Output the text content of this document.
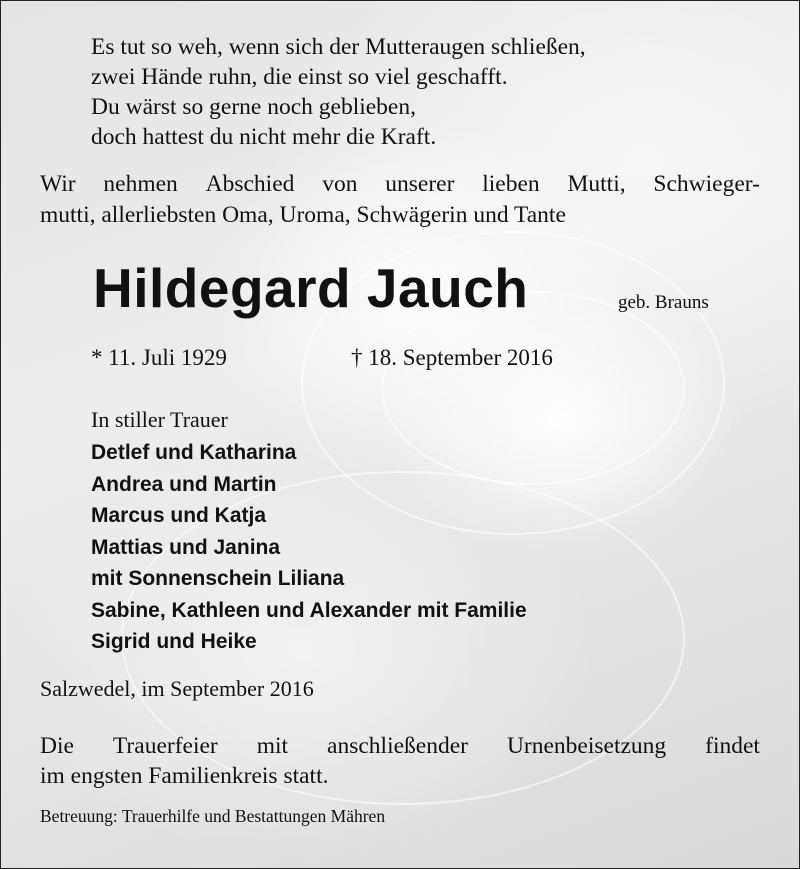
Es tut so weh, wenn sich der Mutteraugen schließen,

zwei Hände ruhn, die einst so viel geschafft.

Du wärst so gerne noch geblieben,

doch hattest du nicht mehr die Kraft.

Wir nehmen Abschied von unserer lieben Mutti, Schwieger-

mutti, allerliebsten Oma, Uroma, Schwägerin und Tante

Hildegard Jauch	geb. Brauns

* 11. Juli 1929	† 18. September 2016

In stiller Trauer

Detlef und Katharina

Andrea und Martin

Marcus und Katja

Mattias und Janina

mit Sonnenschein Liliana

Sabine, Kathleen und Alexander mit Familie

Sigrid und Heike

Salzwedel, im September 2016

Die Trauerfeier mit anschließender Urnenbeisetzung findet

im engsten Familienkreis statt.

Betreuung: Trauerhilfe und Bestattungen Mähren
